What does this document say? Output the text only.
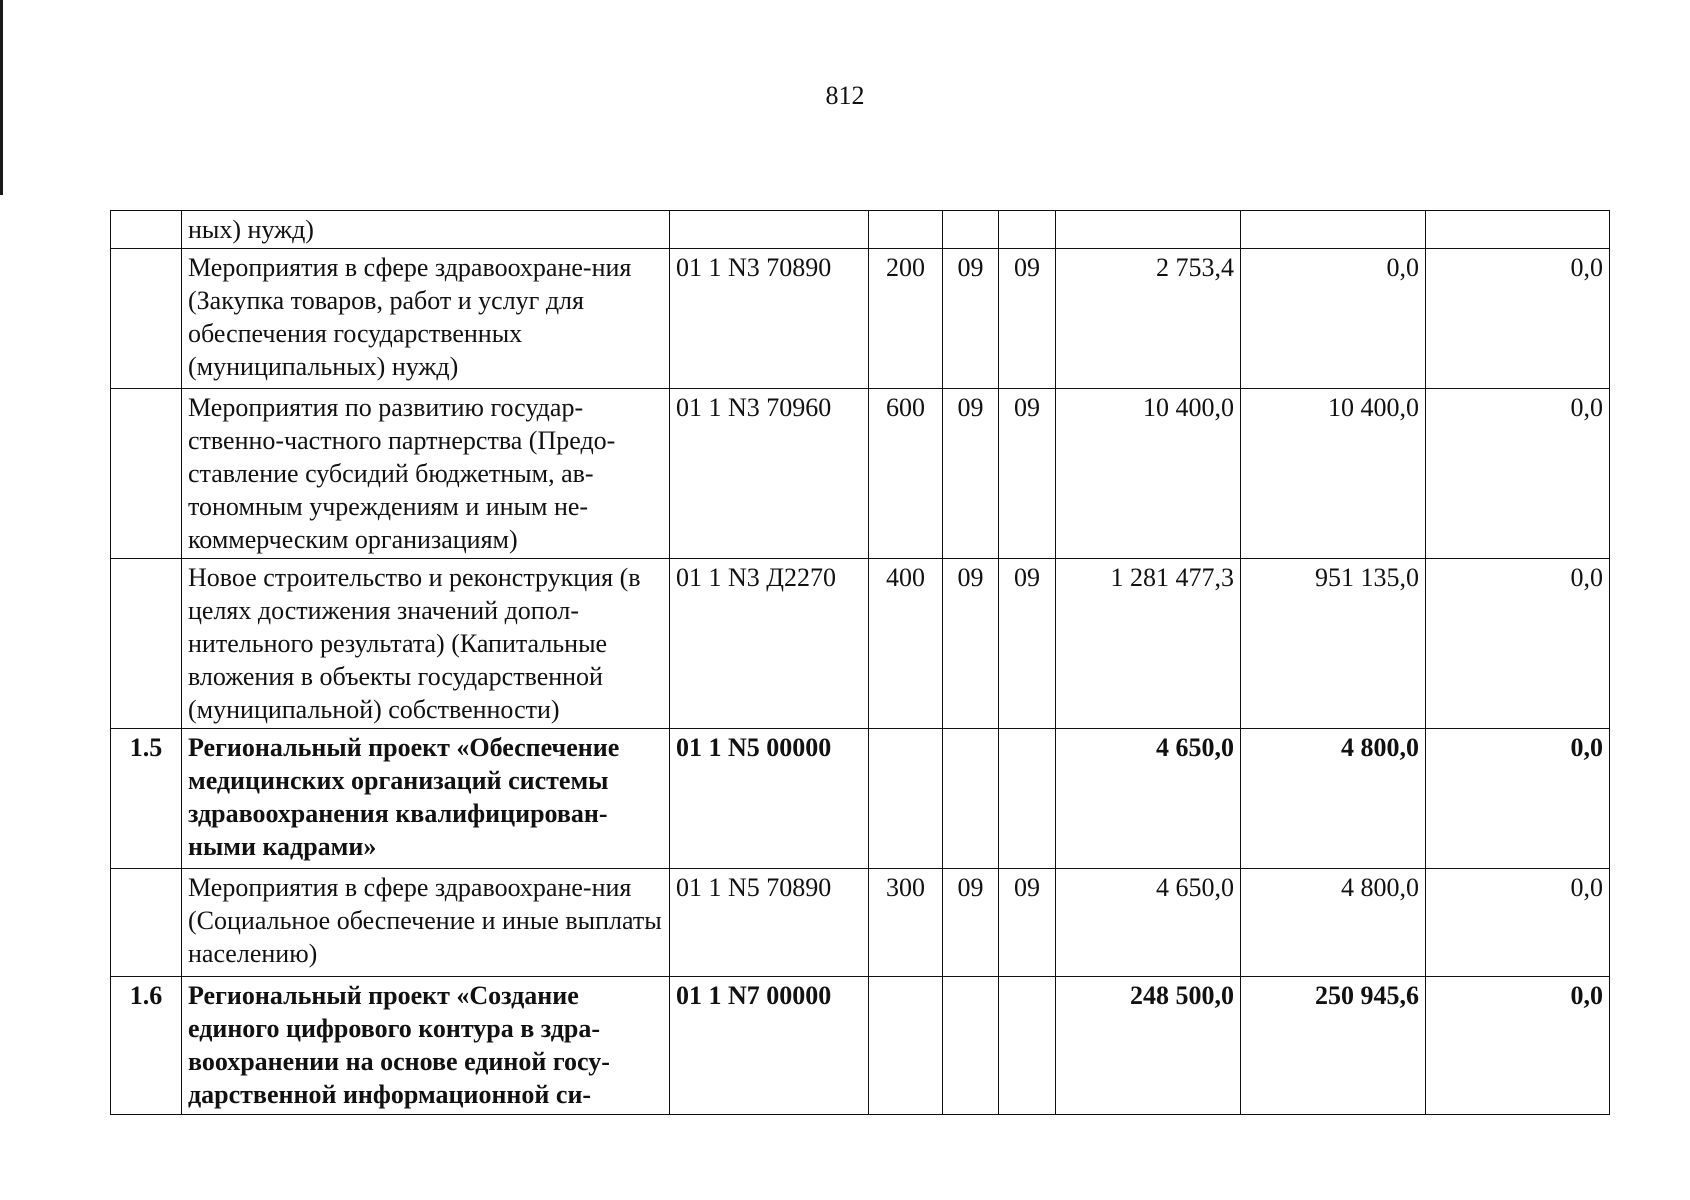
812
	ных) нужд)							
	Мероприятия в сфере здравоохране-ния (Закупка товаров, работ и услуг для обеспечения государственных (муниципальных) нужд)	01 1 N3 70890	200	09	09	2 753,4	0,0	0,0
	Мероприятия по развитию государ-ственно-частного партнерства (Предо-ставление субсидий бюджетным, ав-тономным учреждениям и иным не-коммерческим организациям)	01 1 N3 70960	600	09	09	10 400,0	10 400,0	0,0
	Новое строительство и реконструкция (в целях достижения значений допол-нительного результата) (Капитальные вложения в объекты государственной (муниципальной) собственности)	01 1 N3 Д2270	400	09	09	1 281 477,3	951 135,0	0,0
1.5	Региональный проект «Обеспечение медицинских организаций системы здравоохранения квалифицирован-ными кадрами»	01 1 N5 00000				4 650,0	4 800,0	0,0
	Мероприятия в сфере здравоохране-ния (Социальное обеспечение и иные выплаты населению)	01 1 N5 70890	300	09	09	4 650,0	4 800,0	0,0
1.6	Региональный проект «Создание единого цифрового контура в здра-воохранении на основе единой госу-дарственной информационной си-	01 1 N7 00000				248 500,0	250 945,6	0,0
